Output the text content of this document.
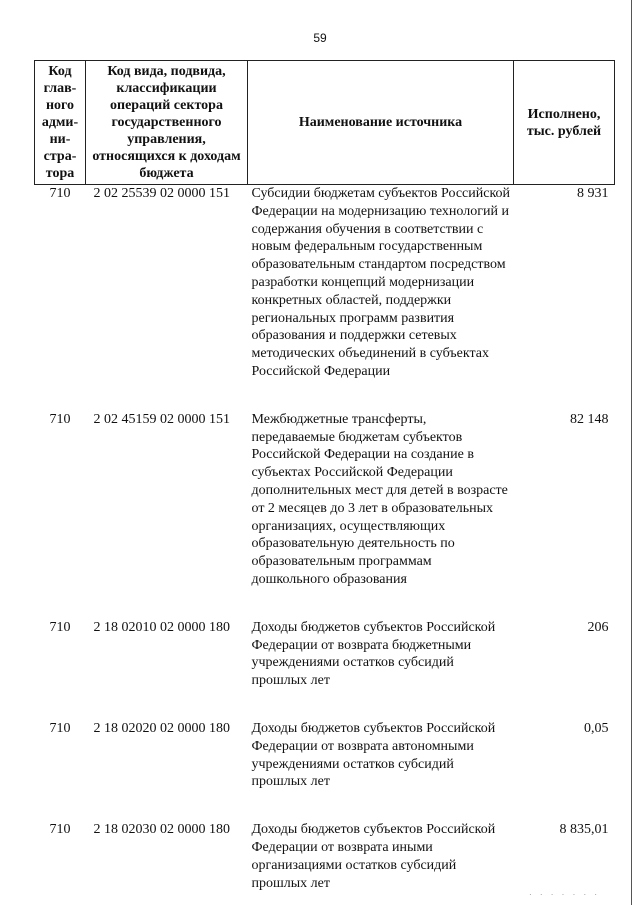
59
Код глав-ного адми-ни-стра-тора	Код вида, подвида, классификации операций сектора государственного управления, относящихся к доходам бюджета	Наименование источника	Исполнено, тыс. рублей
710	2 02 25539 02 0000 151	Субсидии бюджетам субъектов Российской Федерации на модернизацию технологий и содержания обучения в соответствии с новым федеральным государственным образовательным стандартом посредством разработки концепций модернизации конкретных областей, поддержки региональных программ развития образования и поддержки сетевых методических объединений в субъектах Российской Федерации	8 931

710	2 02 45159 02 0000 151	Межбюджетные трансферты, передаваемые бюджетам субъектов Российской Федерации на создание в субъектах Российской Федерации дополнительных мест для детей в возрасте от 2 месяцев до 3 лет в образовательных организациях, осуществляющих образовательную деятельность по образовательным программам дошкольного образования	82 148

710	2 18 02010 02 0000 180	Доходы бюджетов субъектов Российской Федерации от возврата бюджетными учреждениями остатков субсидий прошлых лет	206

710	2 18 02020 02 0000 180	Доходы бюджетов субъектов Российской Федерации от возврата автономными учреждениями остатков субсидий прошлых лет	0,05

710	2 18 02030 02 0000 180	Доходы бюджетов субъектов Российской Федерации от возврата иными организациями остатков субсидий прошлых лет	8 835,01
· · · · · · ·
